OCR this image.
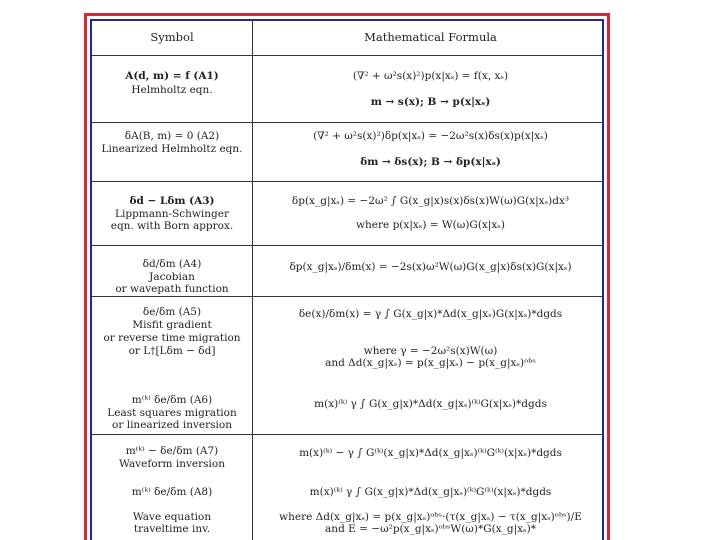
Symbol	Mathematical Formula
A(d, m) = f (A1)
Helmholtz eqn.
(∇² + ω²s(x)²)p(x|xₛ) = f(x, xₛ)
m → s(x); B → p(x|xₛ)
δA(B, m) = 0 (A2)
Linearized Helmholtz eqn.
(∇² + ω²s(x)²)δp(x|xₛ) = −2ω²s(x)δs(x)p(x|xₛ)
δm → δs(x); B → δp(x|xₛ)
δd − Lδm (A3)
Lippmann-Schwinger
eqn. with Born approx.
δp(x_g|xₛ) = −2ω² ∫ G(x_g|x)s(x)δs(x)W(ω)G(x|xₛ)dx³
where p(x|xₛ) = W(ω)G(x|xₛ)
δd/δm (A4)
Jacobian
or wavepath function
δp(x_g|xₛ)/δm(x) = −2s(x)ω²W(ω)G(x_g|x)δs(x)G(x|xₛ)
δe/δm (A5)
Misfit gradient
or reverse time migration
or L†[Lδm − δd]
δe(x)/δm(x) = γ ∫ G(x_g|x)*Δd(x_g|xₛ)G(x|xₛ)*dgds
where γ = −2ω²s(x)W(ω)
and Δd(x_g|xₛ) = p(x_g|xₛ) − p(x_g|xₛ)ᵒᵇˢ
m⁽ᵏ⁾ δe/δm (A6)
Least squares migration
or linearized inversion
m(x)⁽ᵏ⁾ γ ∫ G(x_g|x)*Δd(x_g|xₛ)⁽ᵏ⁾G(x|xₛ)*dgds
m⁽ᵏ⁾ − δe/δm (A7)
Waveform inversion
m⁽ᵏ⁾ δe/δm (A8)
Wave equation
traveltime inv.
m(x)⁽ᵏ⁾ − γ ∫ G⁽ᵏ⁾(x_g|x)*Δd(x_g|xₛ)⁽ᵏ⁾G⁽ᵏ⁾(x|xₛ)*dgds
m(x)⁽ᵏ⁾ γ ∫ G(x_g|x)*Δd(x_g|xₛ)⁽ᵏ⁾G⁽ᵏ⁾(x|xₛ)*dgds
where Δd(x_g|xₛ) = p(x_g|xₛ)ᵒᵇˢ·(τ(x_g|xₛ) − τ(x_g|xₛ)ᵒᵇˢ)/E
and E = −ω²p(x_g|xₛ)ᵒᵇˢW(ω)*G(x_g|xₛ)*
